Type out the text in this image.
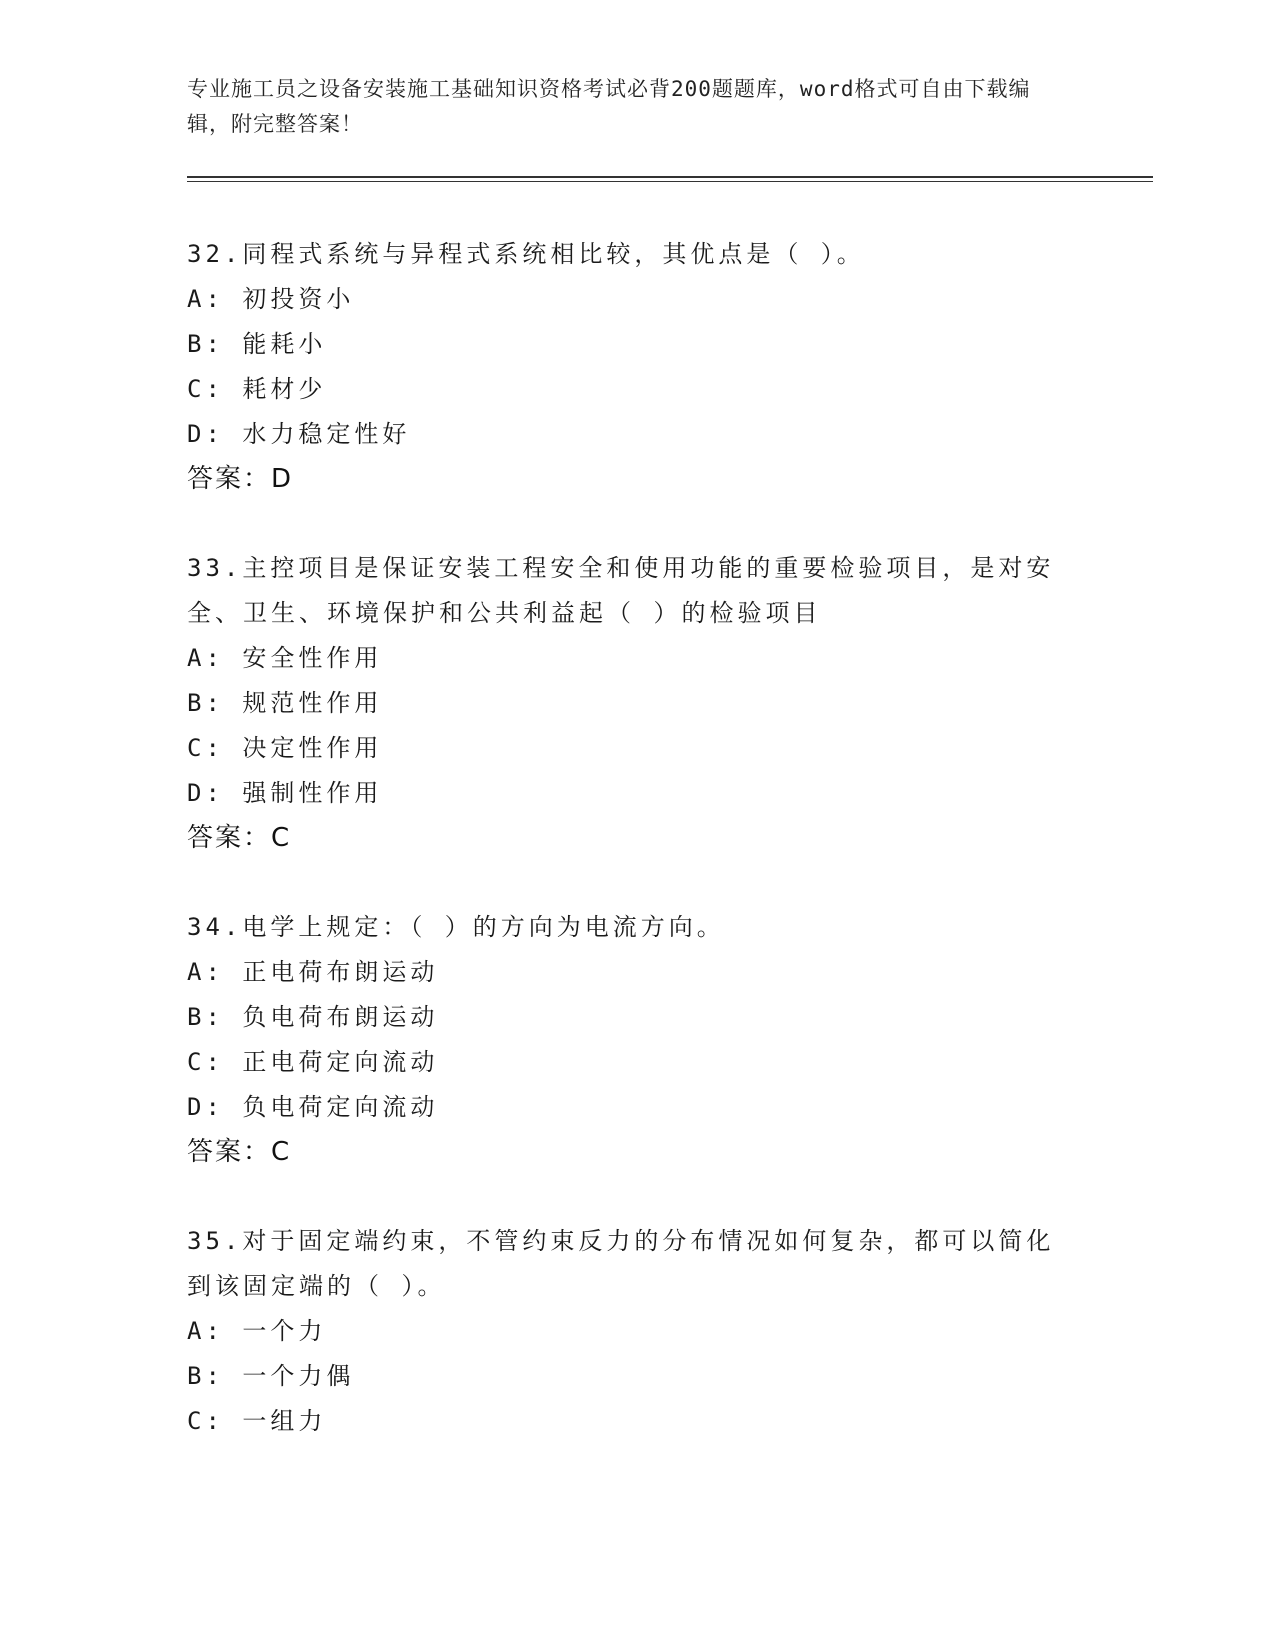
专业施工员之设备安装施工基础知识资格考试必背200题题库，word格式可自由下载编辑，附完整答案！

32.同程式系统与异程式系统相比较，其优点是（ ）。

A: 初投资小

B: 能耗小

C: 耗材少

D: 水力稳定性好

答案：D

33.主控项目是保证安装工程安全和使用功能的重要检验项目，是对安全、卫生、环境保护和公共利益起（ ）的检验项目

A: 安全性作用

B: 规范性作用

C: 决定性作用

D: 强制性作用

答案：C

34.电学上规定：（ ）的方向为电流方向。

A: 正电荷布朗运动

B: 负电荷布朗运动

C: 正电荷定向流动

D: 负电荷定向流动

答案：C

35.对于固定端约束，不管约束反力的分布情况如何复杂，都可以简化到该固定端的（ ）。

A: 一个力

B: 一个力偶

C: 一组力
